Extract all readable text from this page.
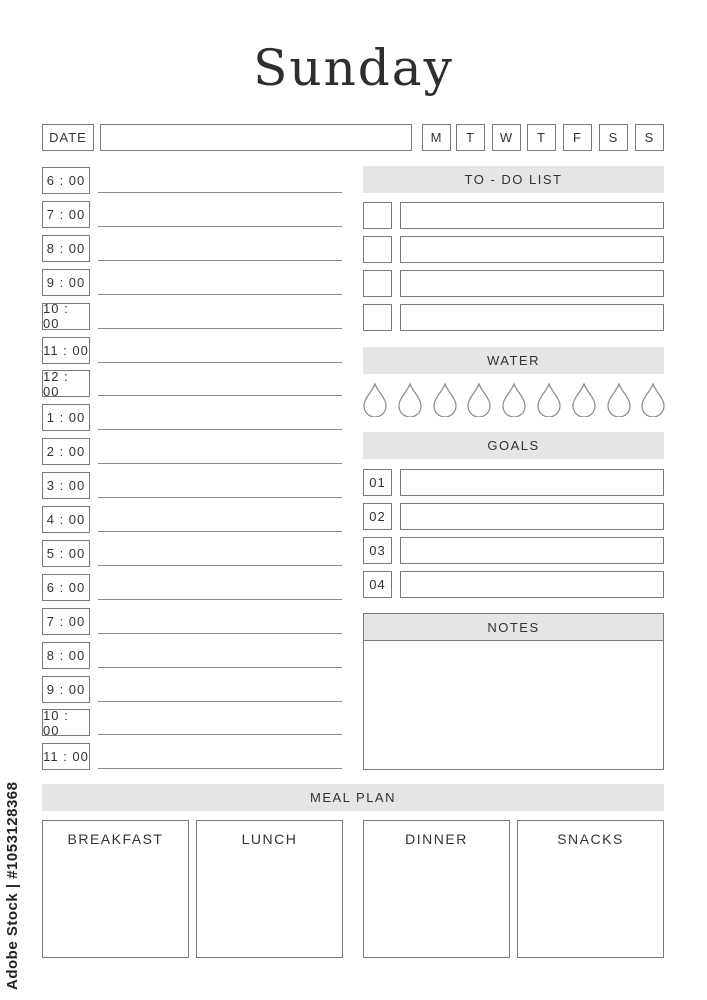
Sunday
DATE	M	T	W	T	F	S	S
6 : 00
7 : 00
8 : 00
9 : 00
10 : 00
11 : 00
12 : 00
1 : 00
2 : 00
3 : 00
4 : 00
5 : 00
6 : 00
7 : 00
8 : 00
9 : 00
10 : 00
11 : 00
TO - DO LIST
WATER
GOALS
01
02
03
04
NOTES
MEAL PLAN
BREAKFAST	LUNCH	DINNER	SNACKS
Adobe Stock | #1053128368
